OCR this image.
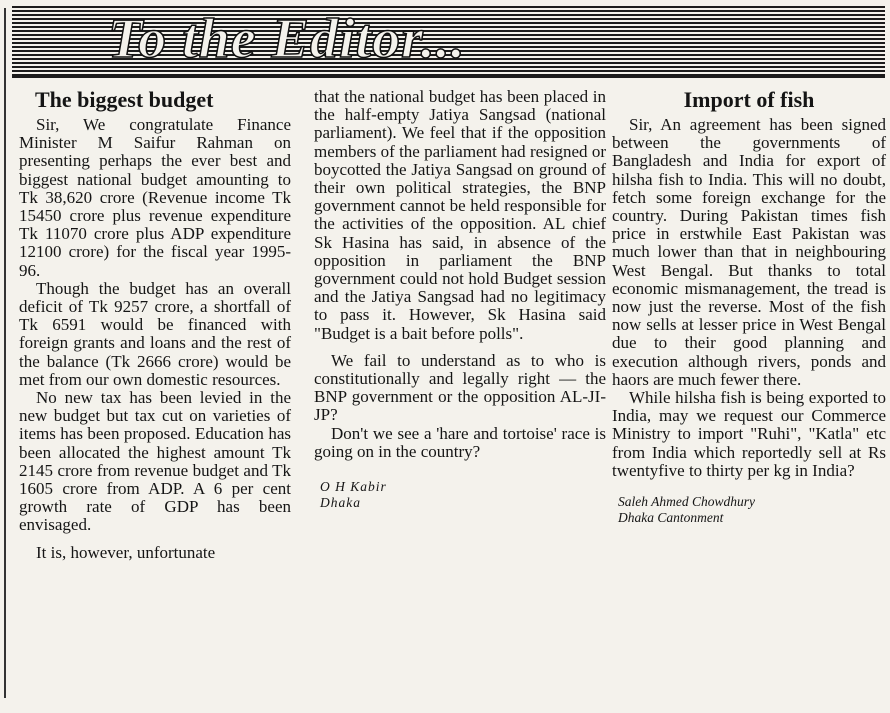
To the Editor...
The biggest budget

Sir, We congratulate Finance Minister M Saifur Rahman on presenting perhaps the ever best and biggest national budget amounting to Tk 38,620 crore (Revenue income Tk 15450 crore plus revenue expenditure Tk 11070 crore plus ADP expenditure 12100 crore) for the fiscal year 1995-96.

Though the budget has an overall deficit of Tk 9257 crore, a shortfall of Tk 6591 would be financed with foreign grants and loans and the rest of the balance (Tk 2666 crore) would be met from our own domestic resources.

No new tax has been levied in the new budget but tax cut on varieties of items has been proposed. Education has been allocated the highest amount Tk 2145 crore from revenue budget and Tk 1605 crore from ADP. A 6 per cent growth rate of GDP has been envisaged.

It is, however, unfortunate

that the national budget has been placed in the half-empty Jatiya Sangsad (national parliament). We feel that if the opposition members of the parliament had resigned or boycotted the Jatiya Sangsad on ground of their own political strategies, the BNP government cannot be held responsible for the activities of the opposition. AL chief Sk Hasina has said, in absence of the opposition in parliament the BNP government could not hold Budget session and the Jatiya Sangsad had no legitimacy to pass it. However, Sk Hasina said "Budget is a bait before polls".

We fail to understand as to who is constitutionally and legally right — the BNP government or the opposition AL-JI-JP?

Don't we see a 'hare and tortoise' race is going on in the country?

O H Kabir
Dhaka
Import of fish

Sir, An agreement has been signed between the governments of Bangladesh and India for export of hilsha fish to India. This will no doubt, fetch some foreign exchange for the country. During Pakistan times fish price in erstwhile East Pakistan was much lower than that in neighbouring West Bengal. But thanks to total economic mismanagement, the tread is now just the reverse. Most of the fish now sells at lesser price in West Bengal due to their good planning and execution although rivers, ponds and haors are much fewer there.

While hilsha fish is being exported to India, may we request our Commerce Ministry to import "Ruhi", "Katla" etc from India which reportedly sell at Rs twentyfive to thirty per kg in India?

Saleh Ahmed Chowdhury
Dhaka Cantonment
